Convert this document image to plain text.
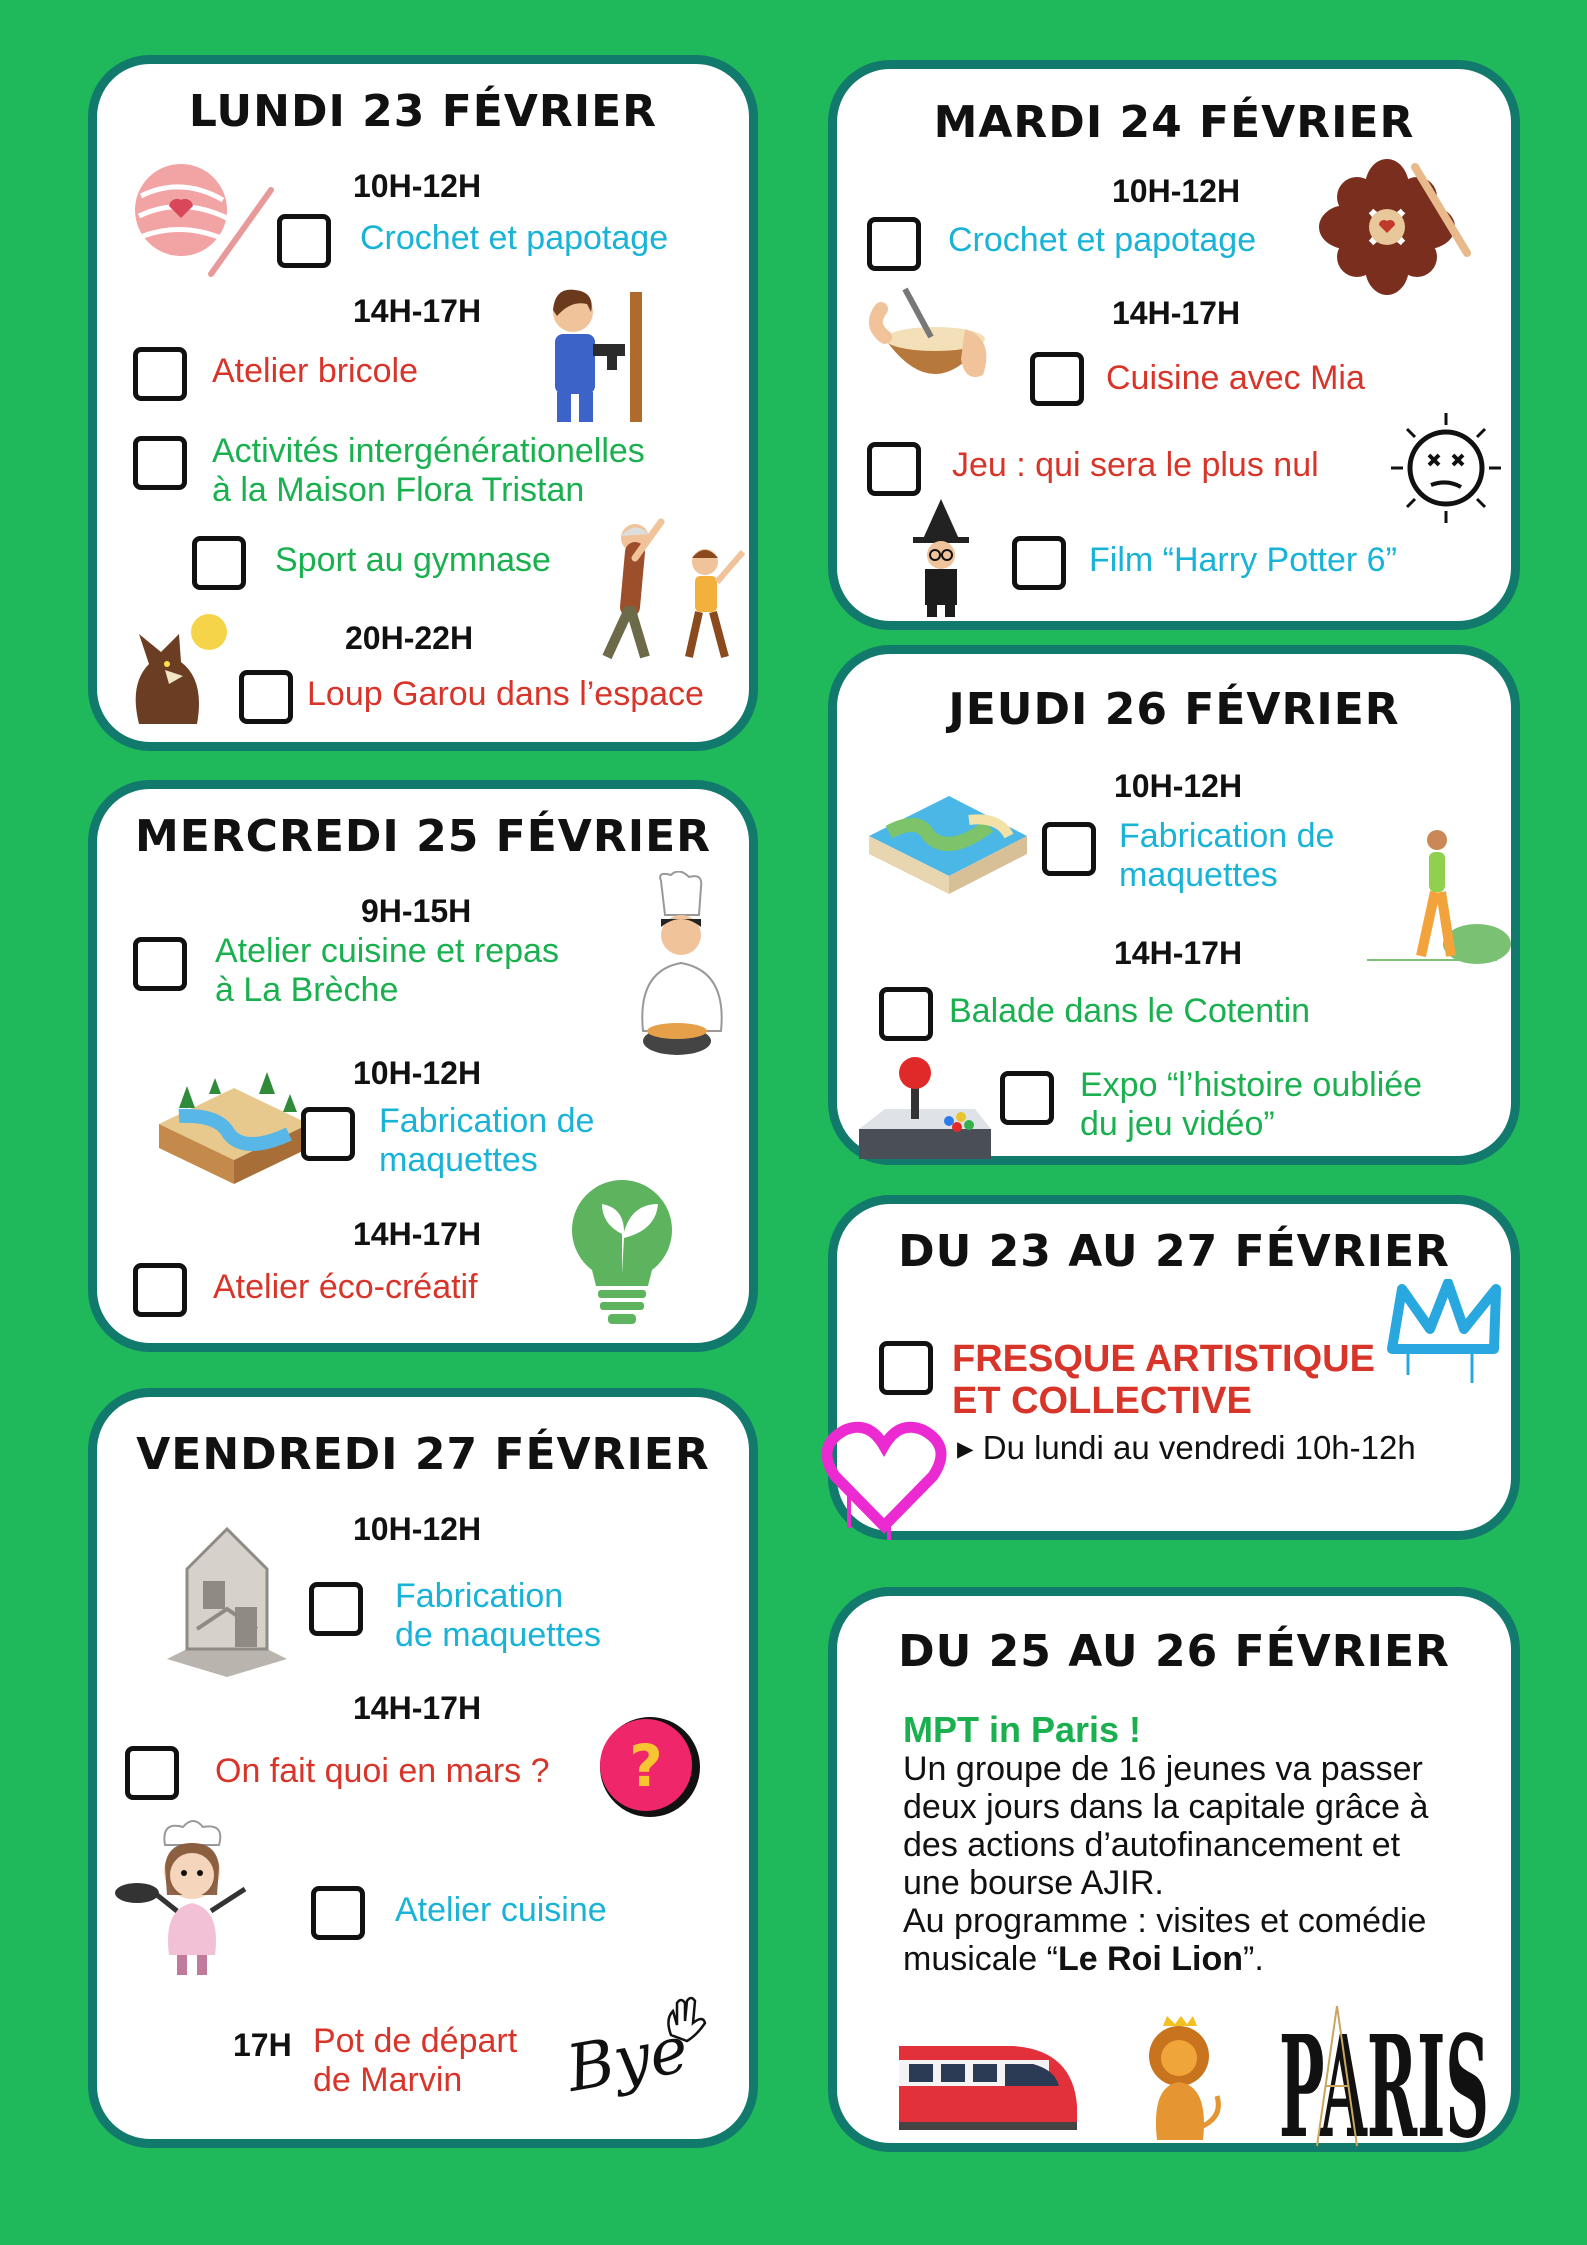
LUNDI 23 FÉVRIER
10H-12H
Crochet et papotage
14H-17H
Atelier bricole
Activités intergénérationelles
à la Maison Flora Tristan
Sport au gymnase
20H-22H
Loup Garou dans l’espace
MARDI 24 FÉVRIER
10H-12H
Crochet et papotage
14H-17H
Cuisine avec Mia
Jeu : qui sera le plus nul
Film “Harry Potter 6”
JEUDI 26 FÉVRIER
10H-12H
Fabrication de
maquettes
14H-17H
Balade dans le Cotentin
Expo “l’histoire oubliée
du jeu vidéo”
MERCREDI 25 FÉVRIER
9H-15H
Atelier cuisine et repas
à La Brèche
10H-12H
Fabrication de
maquettes
14H-17H
Atelier éco-créatif
DU 23 AU 27 FÉVRIER
FRESQUE ARTISTIQUE
ET COLLECTIVE
▸ Du lundi au vendredi 10h-12h
VENDREDI 27 FÉVRIER
10H-12H
Fabrication
de maquettes
14H-17H
On fait quoi en mars ? ?
Atelier cuisine
17H Pot de départ
de Marvin	Bye
DU 25 AU 26 FÉVRIER
MPT in Paris !
Un groupe de 16 jeunes va passer
deux jours dans la capitale grâce à
des actions d’autofinancement et
une bourse AJIR.
Au programme : visites et comédie
musicale “Le Roi Lion”.
PARIS
